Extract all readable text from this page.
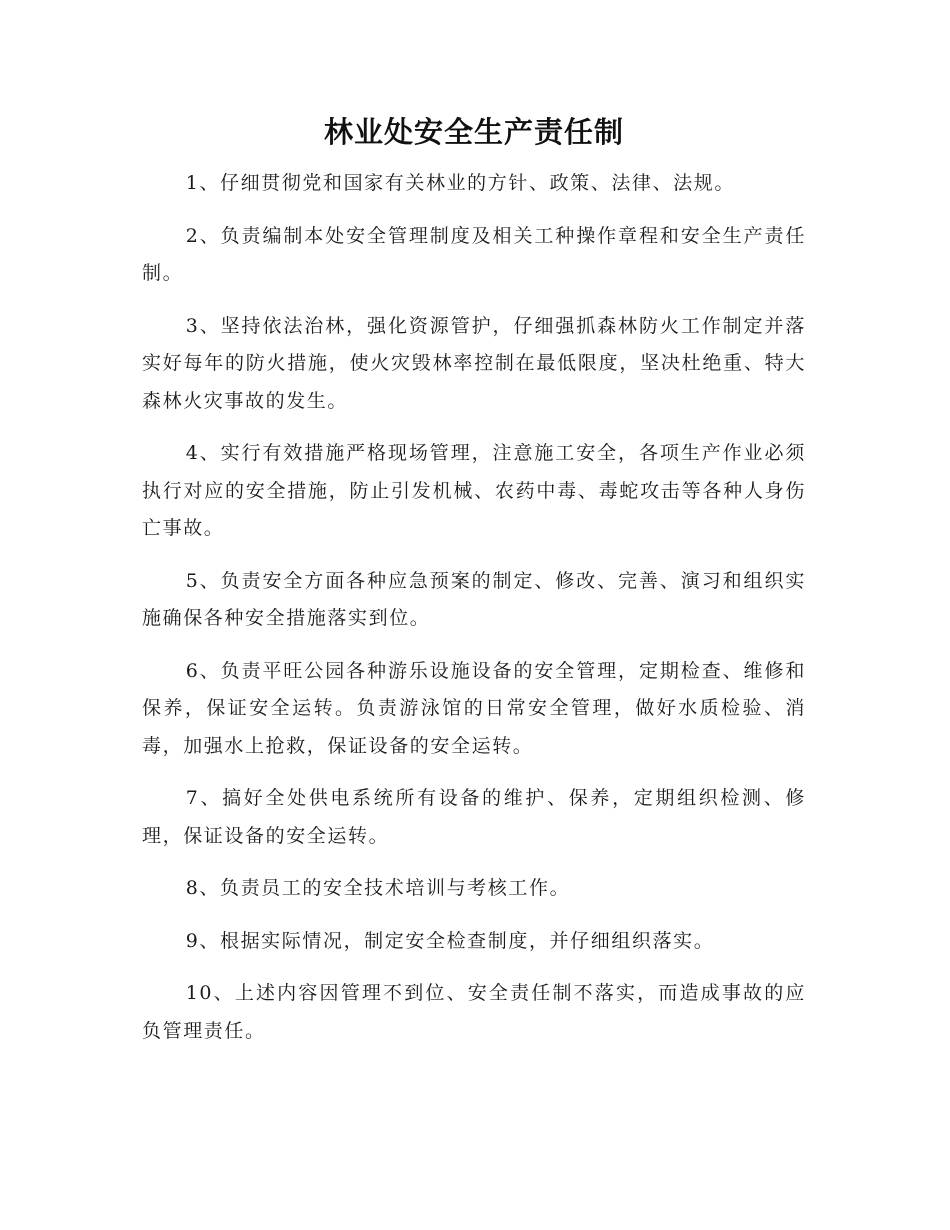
林业处安全生产责任制

1、仔细贯彻党和国家有关林业的方针、政策、法律、法规。

2、负责编制本处安全管理制度及相关工种操作章程和安全生产责任制。

3、坚持依法治林，强化资源管护，仔细强抓森林防火工作制定并落实好每年的防火措施，使火灾毁林率控制在最低限度，坚决杜绝重、特大森林火灾事故的发生。

4、实行有效措施严格现场管理，注意施工安全，各项生产作业必须执行对应的安全措施，防止引发机械、农药中毒、毒蛇攻击等各种人身伤亡事故。

5、负责安全方面各种应急预案的制定、修改、完善、演习和组织实施确保各种安全措施落实到位。

6、负责平旺公园各种游乐设施设备的安全管理，定期检查、维修和保养，保证安全运转。负责游泳馆的日常安全管理，做好水质检验、消毒，加强水上抢救，保证设备的安全运转。

7、搞好全处供电系统所有设备的维护、保养，定期组织检测、修理，保证设备的安全运转。

8、负责员工的安全技术培训与考核工作。

9、根据实际情况，制定安全检查制度，并仔细组织落实。

10、上述内容因管理不到位、安全责任制不落实，而造成事故的应负管理责任。
